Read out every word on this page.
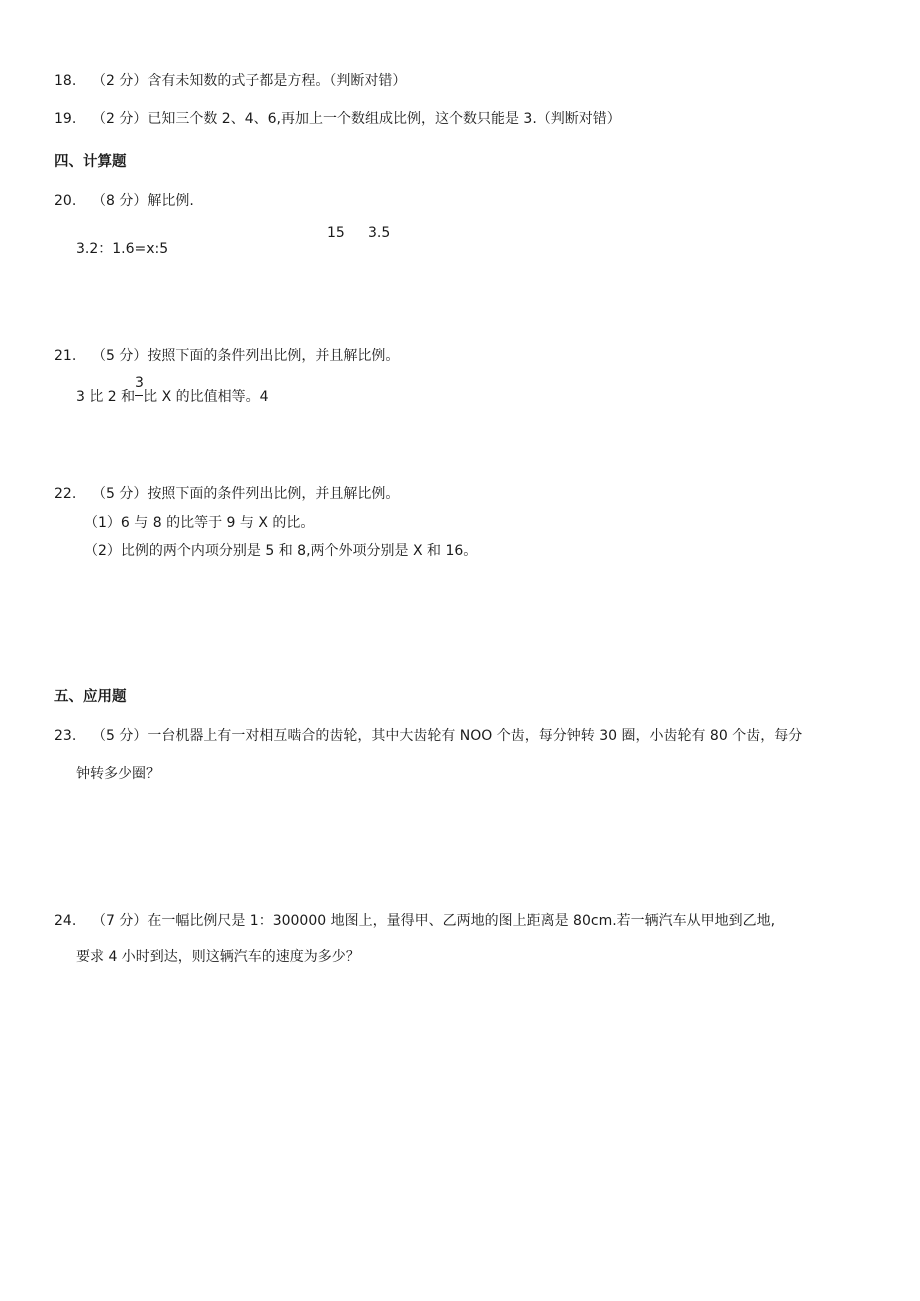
18. （2 分）含有未知数的式子都是方程。（判断对错）
19. （2 分）已知三个数 2、4、6,再加上一个数组成比例，这个数只能是 3.（判断对错）
四、计算题
20. （8 分）解比例.
3.2：1.6=x:5
15 3.5
21. （5 分）按照下面的条件列出比例，并且解比例。
3 比 2 和 比 X 的比值相等。4
3
22. （5 分）按照下面的条件列出比例，并且解比例。
（1）6 与 8 的比等于 9 与 X 的比。
（2）比例的两个内项分别是 5 和 8,两个外项分别是 X 和 16。
五、应用题
23. （5 分）一台机器上有一对相互啮合的齿轮，其中大齿轮有 NOO 个齿，每分钟转 30 圈，小齿轮有 80 个齿，每分
钟转多少圈？
24. （7 分）在一幅比例尺是 1：300000 地图上，量得甲、乙两地的图上距离是 80cm.若一辆汽车从甲地到乙地,
要求 4 小时到达，则这辆汽车的速度为多少？
